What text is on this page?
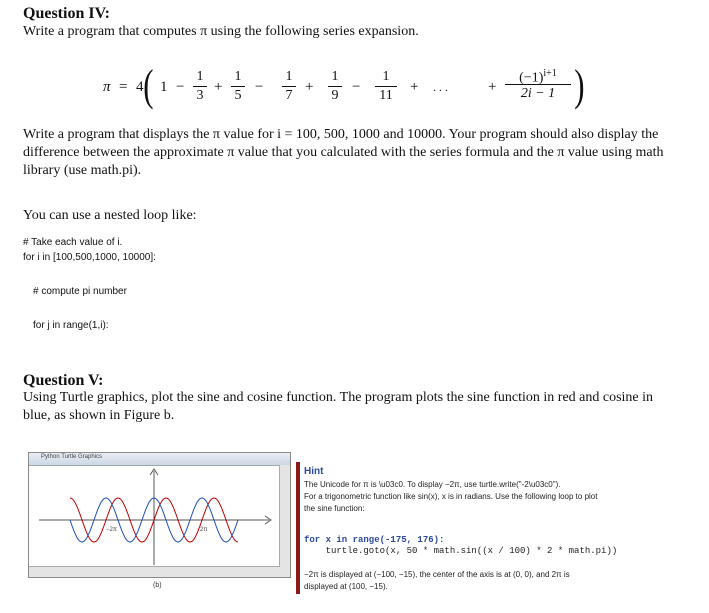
Question IV:
Write a program that computes π using the following series expansion.
π = 4 ( 1 −
1
3
+
1
5
−
1
7
+
1
9
−
1
11
+ . . .	+
$(-1)^{i+1}$
2i − 1 )
Write a program that displays the π value for i = 100, 500, 1000 and 10000. Your program should also display the
difference between the approximate π value that you calculated with the series formula and the π value using math
library (use math.pi).
You can use a nested loop like:
# Take each value of i.
for i in [100,500,1000, 10000]:
# compute pi number
for j in range(1,i):
Question V:
Using Turtle graphics, plot the sine and cosine function. The program plots the sine function in red and cosine in
blue, as shown in Figure b.
Python Turtle Graphics
−2π	2π
(b)
Hint
The Unicode for π is \u03c0. To display −2π, use turtle.write("-2\u03c0").
For a trigonometric function like sin(x), x is in radians. Use the following loop to plot
the sine function:
for x in range(-175, 176):
turtle.goto(x, 50 * math.sin((x / 100) * 2 * math.pi))
−2π is displayed at (−100, −15), the center of the axis is at (0, 0), and 2π is
displayed at (100, −15).
